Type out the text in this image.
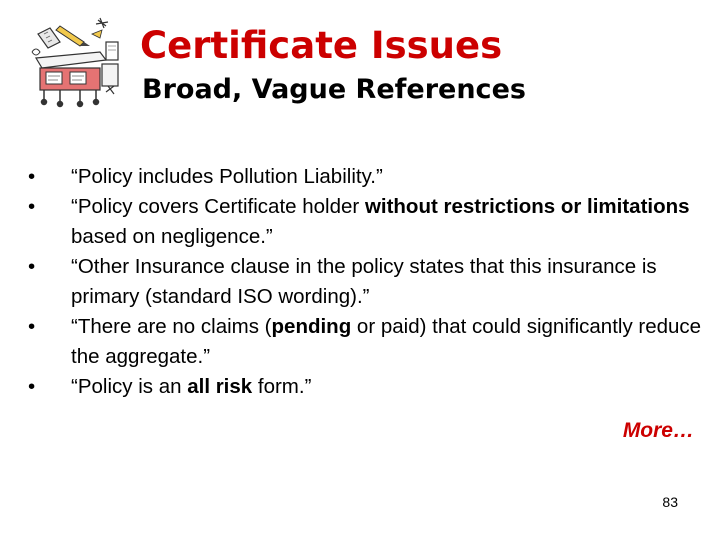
Certificate Issues
Broad, Vague References
• “Policy includes Pollution Liability.”
• “Policy covers Certificate holder without restrictions or limitations based on negligence.”
• “Other Insurance clause in the policy states that this insurance is primary (standard ISO wording).”
• “There are no claims (pending or paid) that could significantly reduce the aggregate.”
• “Policy is an all risk form.”
More…
83
